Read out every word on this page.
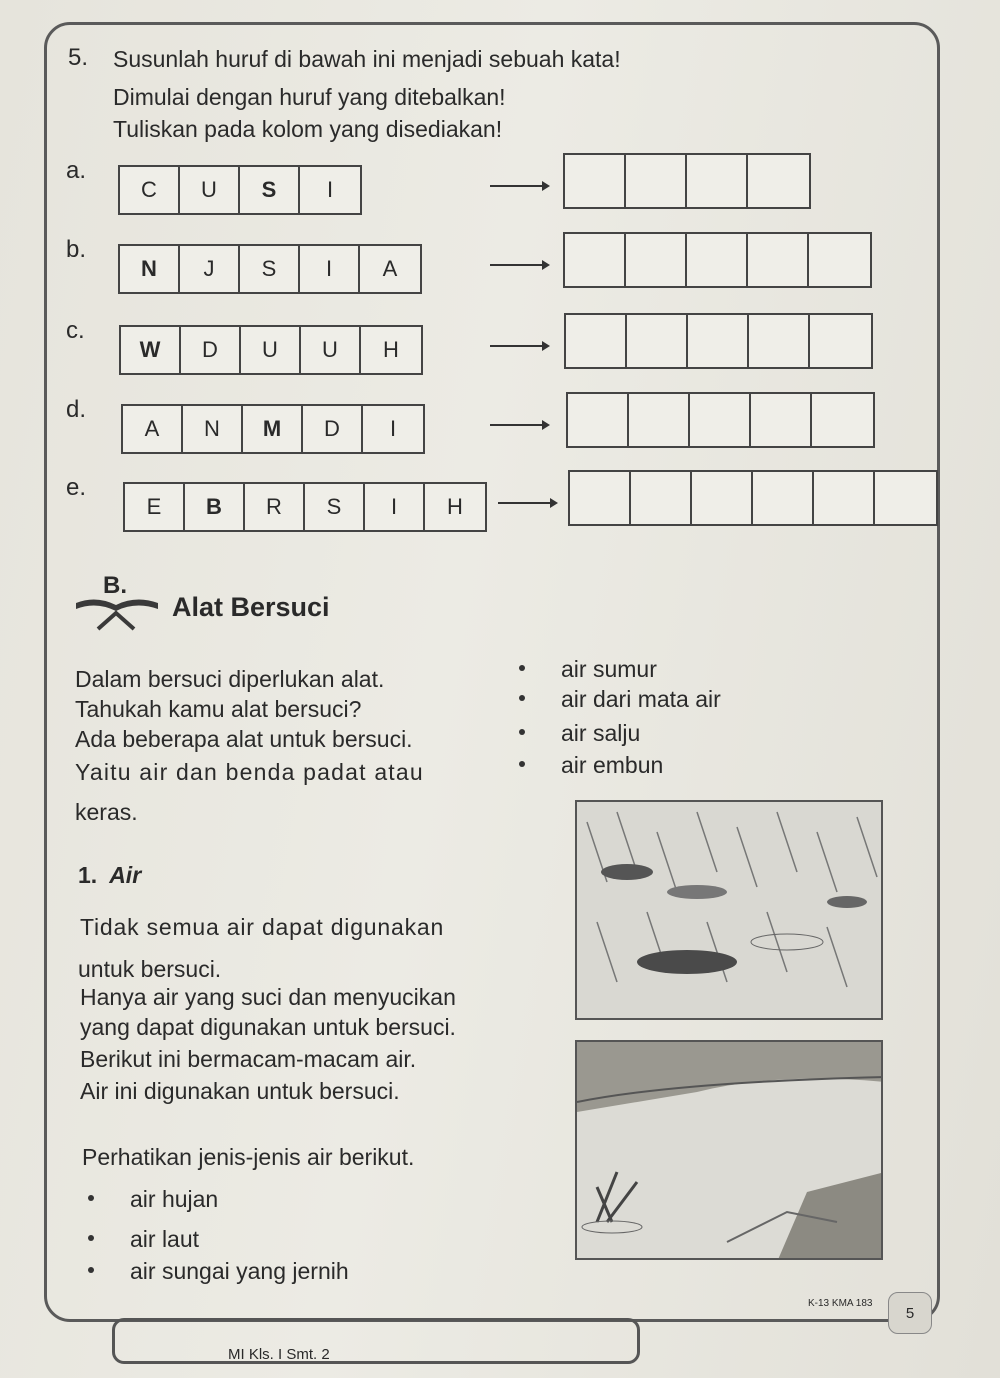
5. Susunlah huruf di bawah ini menjadi sebuah kata!
Dimulai dengan huruf yang ditebalkan!
Tuliskan pada kolom yang disediakan!
a.
C	U	S	I
b.
N	J	S	I	A
c.
W	D	U	U	H
d.
A	N	M	D	I
e.
E	B	R	S	I	H
B.
Alat Bersuci
Dalam bersuci diperlukan alat.
Tahukah kamu alat bersuci?
Ada beberapa alat untuk bersuci.
Yaitu air dan benda padat atau
keras.
air sumur
air dari mata air
air salju
air embun
1. Air
Tidak semua air dapat digunakan
untuk bersuci.
Hanya air yang suci dan menyucikan
yang dapat digunakan untuk bersuci.
Berikut ini bermacam-macam air.
Air ini digunakan untuk bersuci.
Perhatikan jenis-jenis air berikut.
air hujan
air laut
air sungai yang jernih
MI Kls. I Smt. 2
K-13 KMA 183
5
